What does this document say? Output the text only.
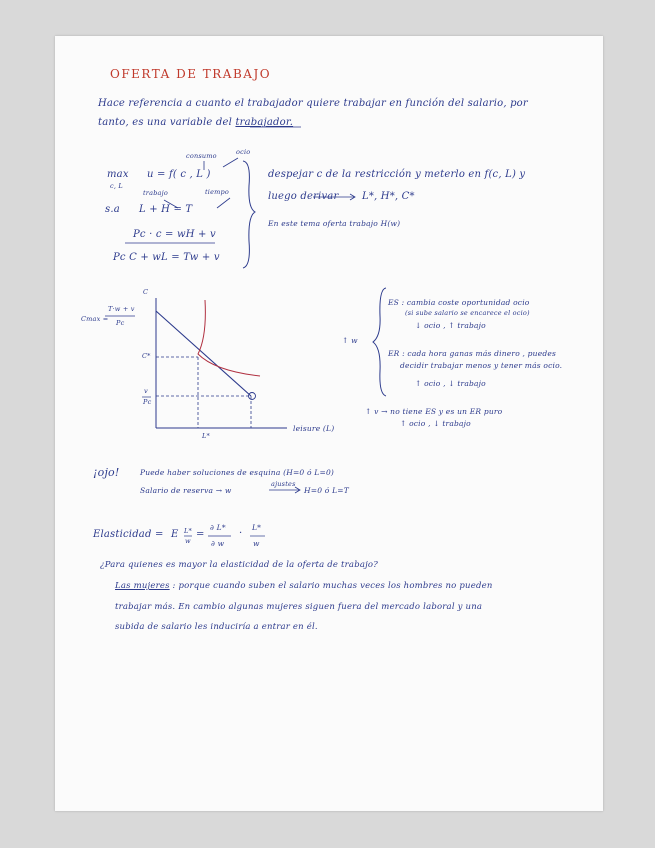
OFERTA DE TRABAJO
Hace referencia a cuanto el trabajador quiere trabajar en función del salario, por
tanto, es una variable del trabajador.
consumo	ocio
max
c, L
u = f( c , L )
trabajo	tiempo
s.a L + H = T
Pc · c = wH + v
Pc C + wL = Tw + v
despejar c de la restricción y meterlo en f(c, L) y
luego derivar L*, H*, C*
En este tema oferta trabajo H(w)
Cmax =
T·w + v
Pc
C
C*
v
Pc
L*
leisure (L)
↑ w
ES : cambia coste oportunidad ocio
(si sube salario se encarece el ocio)
↓ ocio , ↑ trabajo
ER : cada hora ganas más dinero , puedes
decidir trabajar menos y tener más ocio.
↑ ocio , ↓ trabajo
↑ v → no tiene ES y es un ER puro
↑ ocio , ↓ trabajo
¡ojo!	Puede haber soluciones de esquina (H=0 ó L=0)
Salario de reserva → w
ajustes
H=0 ó L=T
Elasticidad = E L*
w
=
∂ L*
∂ w
·
L*
w
¿Para quienes es mayor la elasticidad de la oferta de trabajo?
Las mujeres : porque cuando suben el salario muchas veces los hombres no pueden
trabajar más. En cambio algunas mujeres siguen fuera del mercado laboral y una
subida de salario les induciría a entrar en él.
